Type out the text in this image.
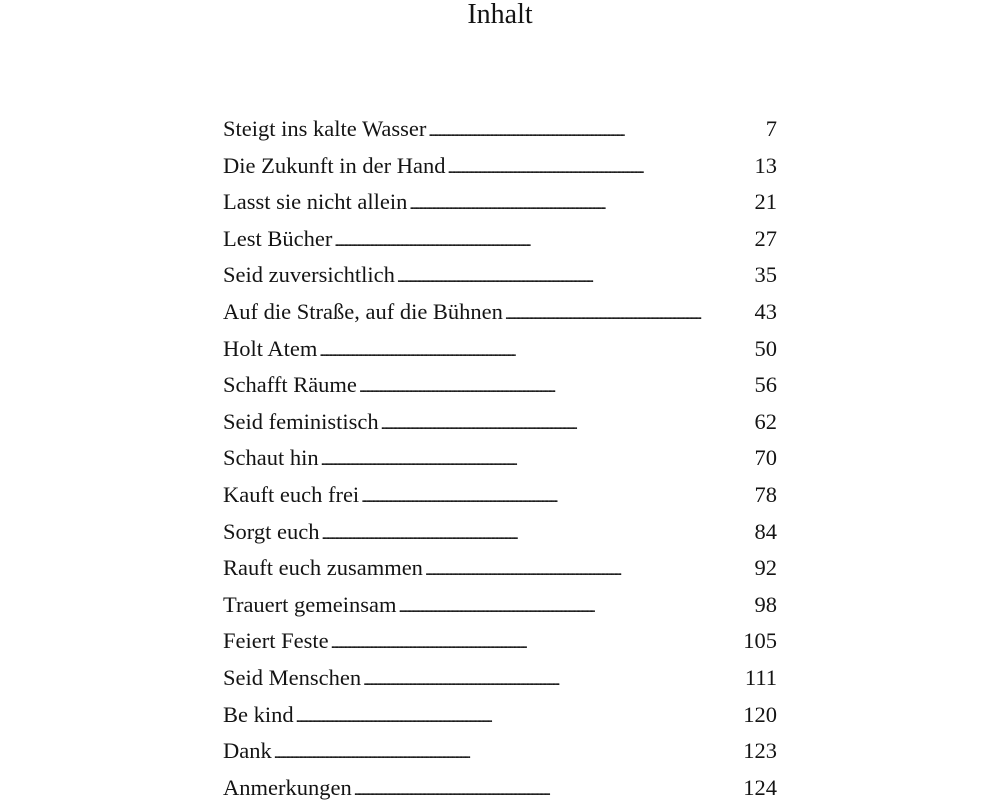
Inhalt
Steigt ins kalte Wasser . . .	7
Die Zukunft in der Hand . . .	13
Lasst sie nicht allein . . .	21
Lest Bücher . . .	27
Seid zuversichtlich . . .	35
Auf die Straße, auf die Bühnen . . .	43
Holt Atem . . .	50
Schafft Räume . . .	56
Seid feministisch . . .	62
Schaut hin . . .	70
Kauft euch frei . . .	78
Sorgt euch . . .	84
Rauft euch zusammen . . .	92
Trauert gemeinsam . . .	98
Feiert Feste . . .	105
Seid Menschen . . .	111
Be kind . . .	120
Dank . . .	123
Anmerkungen . . .	124
